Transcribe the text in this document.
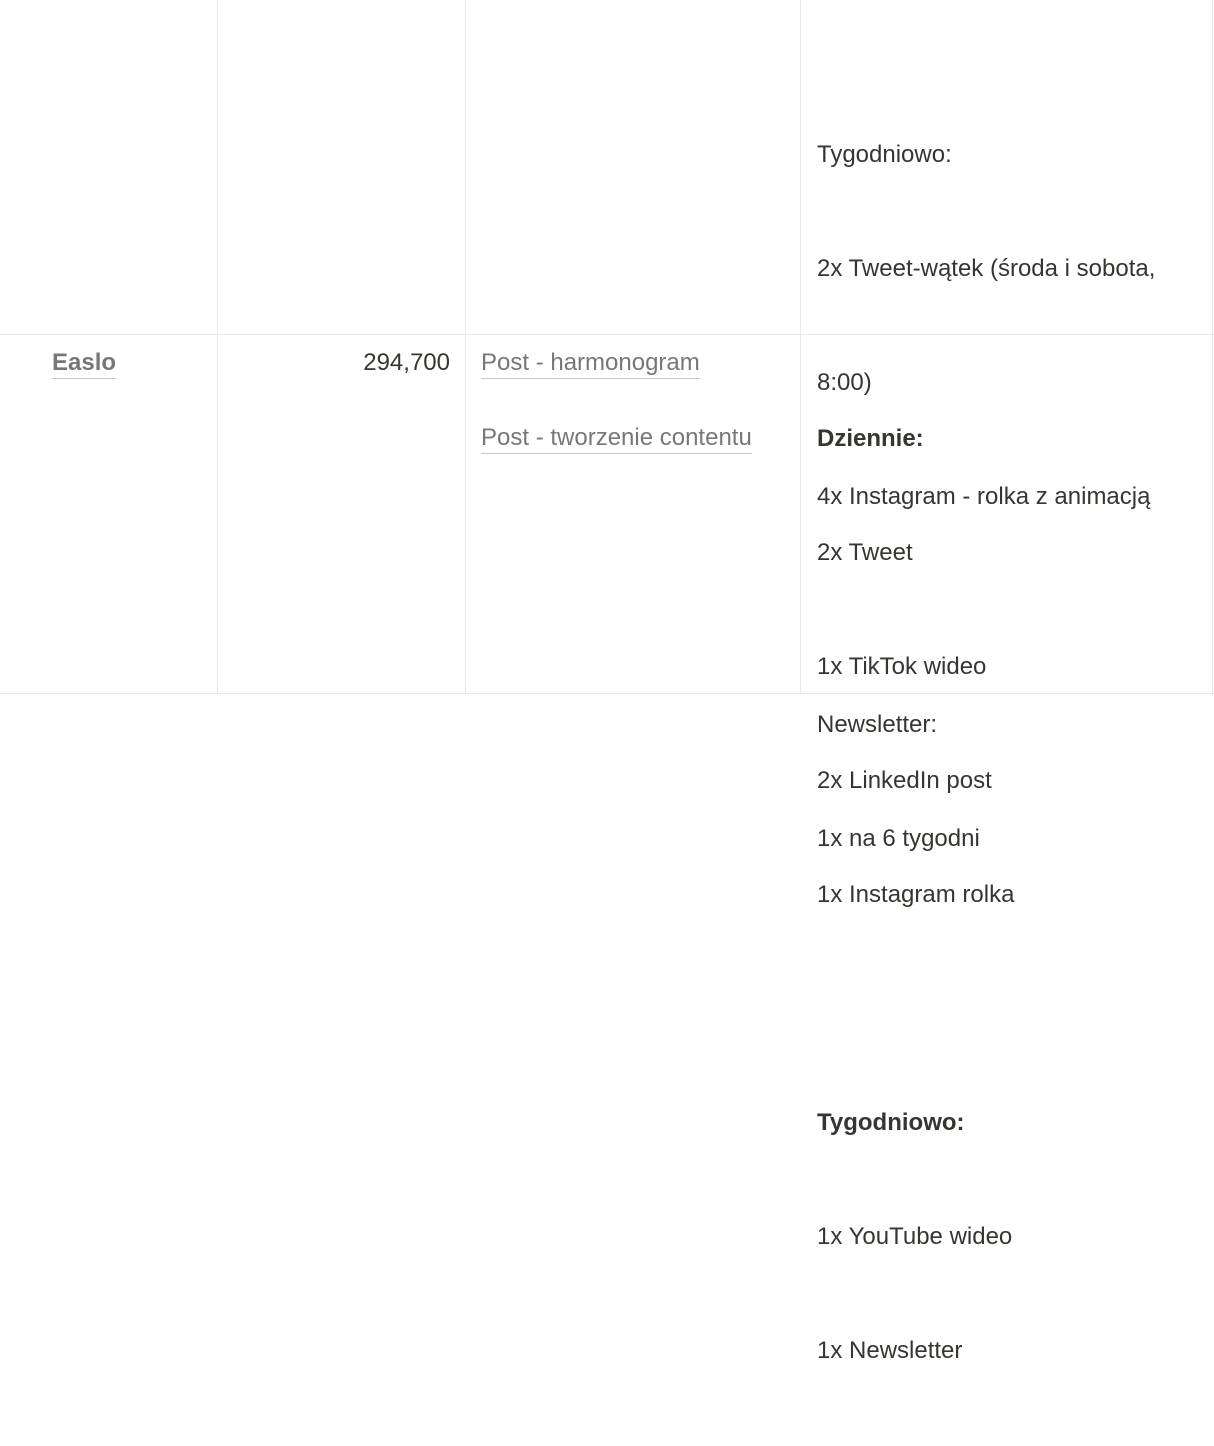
Tygodniowo:

2x Tweet-wątek (środa i sobota,

8:00)

4x Instagram - rolka z animacją

Newsletter:

1x na 6 tygodni

Easlo	294,700 Post - harmonogram
Post - tworzenie contentu

	Dziennie:

2x Tweet

1x TikTok wideo

2x LinkedIn post

1x Instagram rolka

Tygodniowo:

1x YouTube wideo

1x Newsletter
